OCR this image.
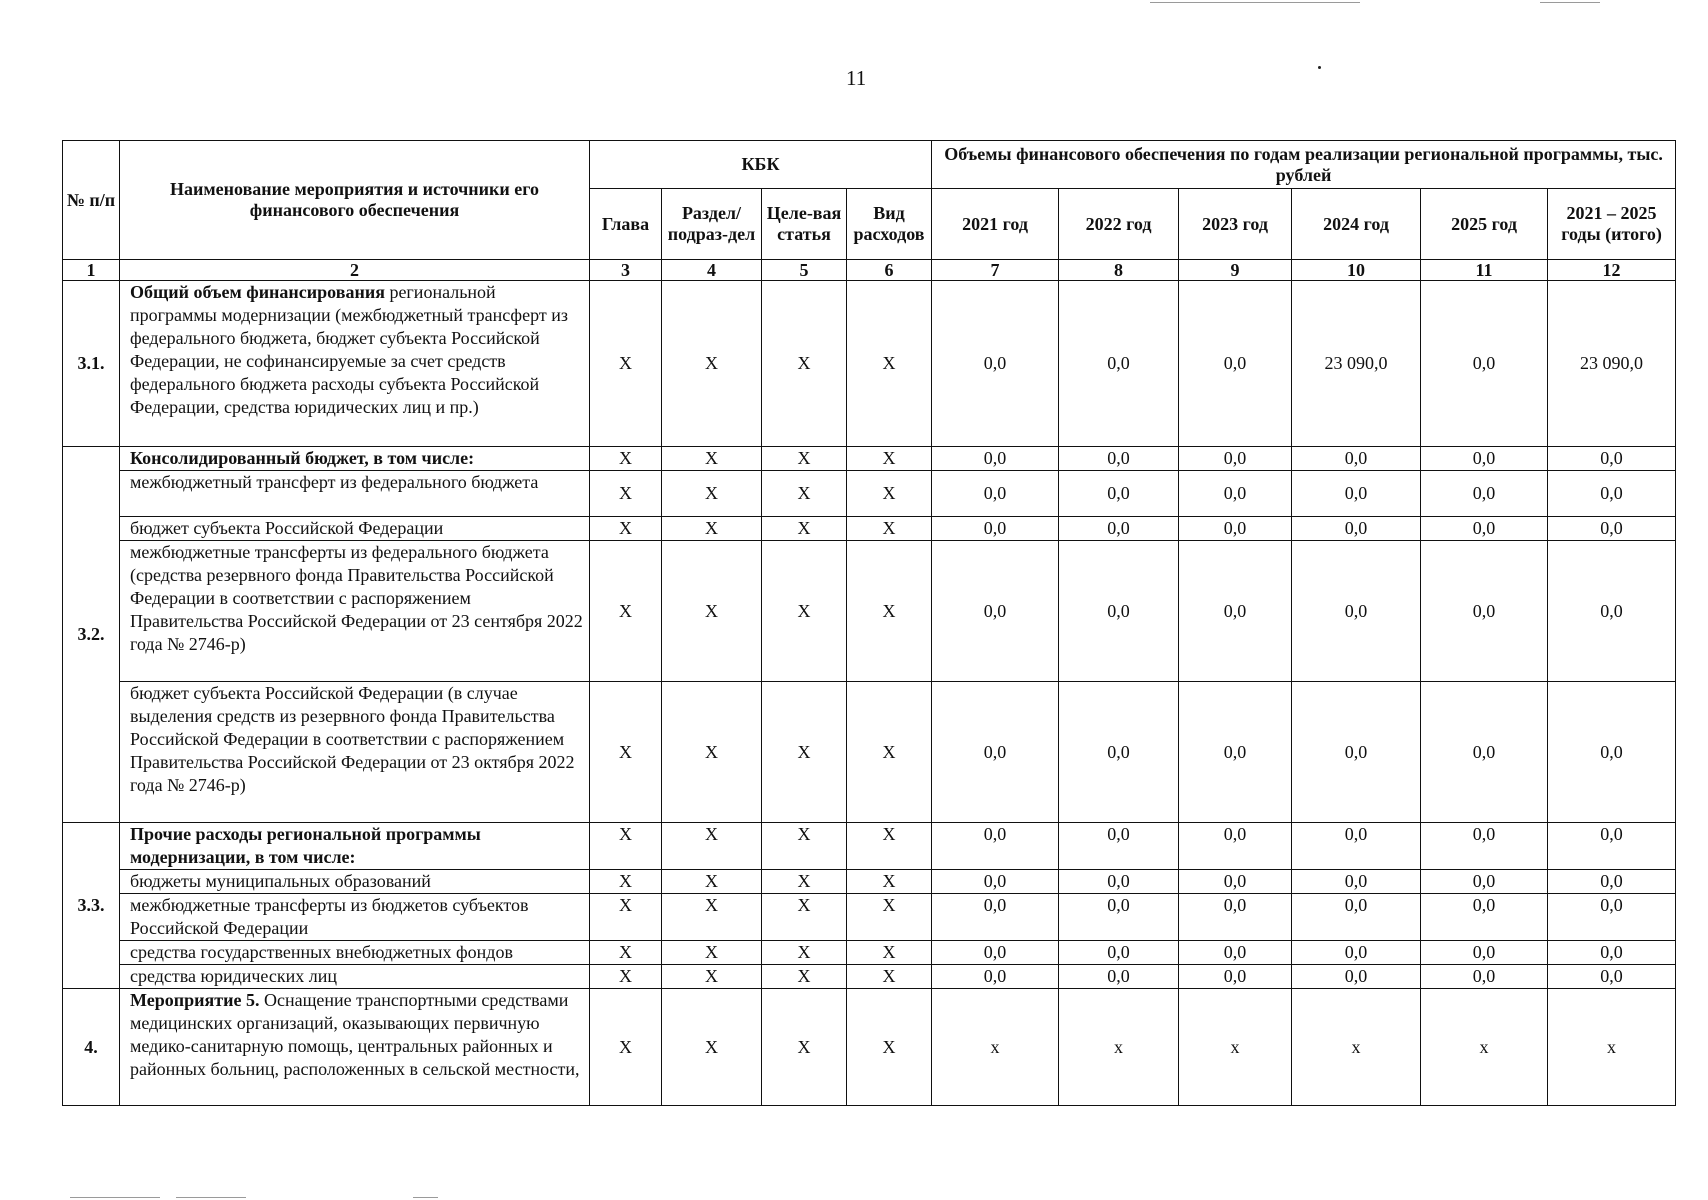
11
№ п/п	Наименование мероприятия и источники его финансового обеспечения	КБК				Объемы финансового обеспечения по годам реализации региональной программы, тыс. рублей					
		Глава	Раздел/ подраз-дел	Целе-вая статья	Вид расходов	2021 год	2022 год	2023 год	2024 год	2025 год	2021 – 2025 годы (итого)
1	2	3	4	5	6	7	8	9	10	11	12
3.1.	Общий объем финансирования региональной программы модернизации (межбюджетный трансферт из федерального бюджета, бюджет субъекта Российской Федерации, не софинансируемые за счет средств федерального бюджета расходы субъекта Российской Федерации, средства юридических лиц и пр.)	Х	Х	Х	Х	0,0	0,0	0,0	23 090,0	0,0	23 090,0
3.2.	Консолидированный бюджет, в том числе:	Х	Х	Х	Х	0,0	0,0	0,0	0,0	0,0	0,0
	межбюджетный трансферт из федерального бюджета	Х	Х	Х	Х	0,0	0,0	0,0	0,0	0,0	0,0
	бюджет субъекта Российской Федерации	Х	Х	Х	Х	0,0	0,0	0,0	0,0	0,0	0,0
	межбюджетные трансферты из федерального бюджета (средства резервного фонда Правительства Российской Федерации в соответствии с распоряжением Правительства Российской Федерации от 23 сентября 2022 года № 2746-р)	Х	Х	Х	Х	0,0	0,0	0,0	0,0	0,0	0,0
	бюджет субъекта Российской Федерации (в случае выделения средств из резервного фонда Правительства Российской Федерации в соответствии с распоряжением Правительства Российской Федерации от 23 октября 2022 года № 2746-р)	Х	Х	Х	Х	0,0	0,0	0,0	0,0	0,0	0,0
3.3.	Прочие расходы региональной программы модернизации, в том числе:	Х	Х	Х	Х	0,0	0,0	0,0	0,0	0,0	0,0
	бюджеты муниципальных образований	Х	Х	Х	Х	0,0	0,0	0,0	0,0	0,0	0,0
	межбюджетные трансферты из бюджетов субъектов Российской Федерации	Х	Х	Х	Х	0,0	0,0	0,0	0,0	0,0	0,0
	средства государственных внебюджетных фондов	Х	Х	Х	Х	0,0	0,0	0,0	0,0	0,0	0,0
	средства юридических лиц	Х	Х	Х	Х	0,0	0,0	0,0	0,0	0,0	0,0
4.	Мероприятие 5. Оснащение транспортными средствами медицинских организаций, оказывающих первичную медико-санитарную помощь, центральных районных и районных больниц, расположенных в сельской местности,	Х	Х	Х	Х	х	х	х	х	х	х
